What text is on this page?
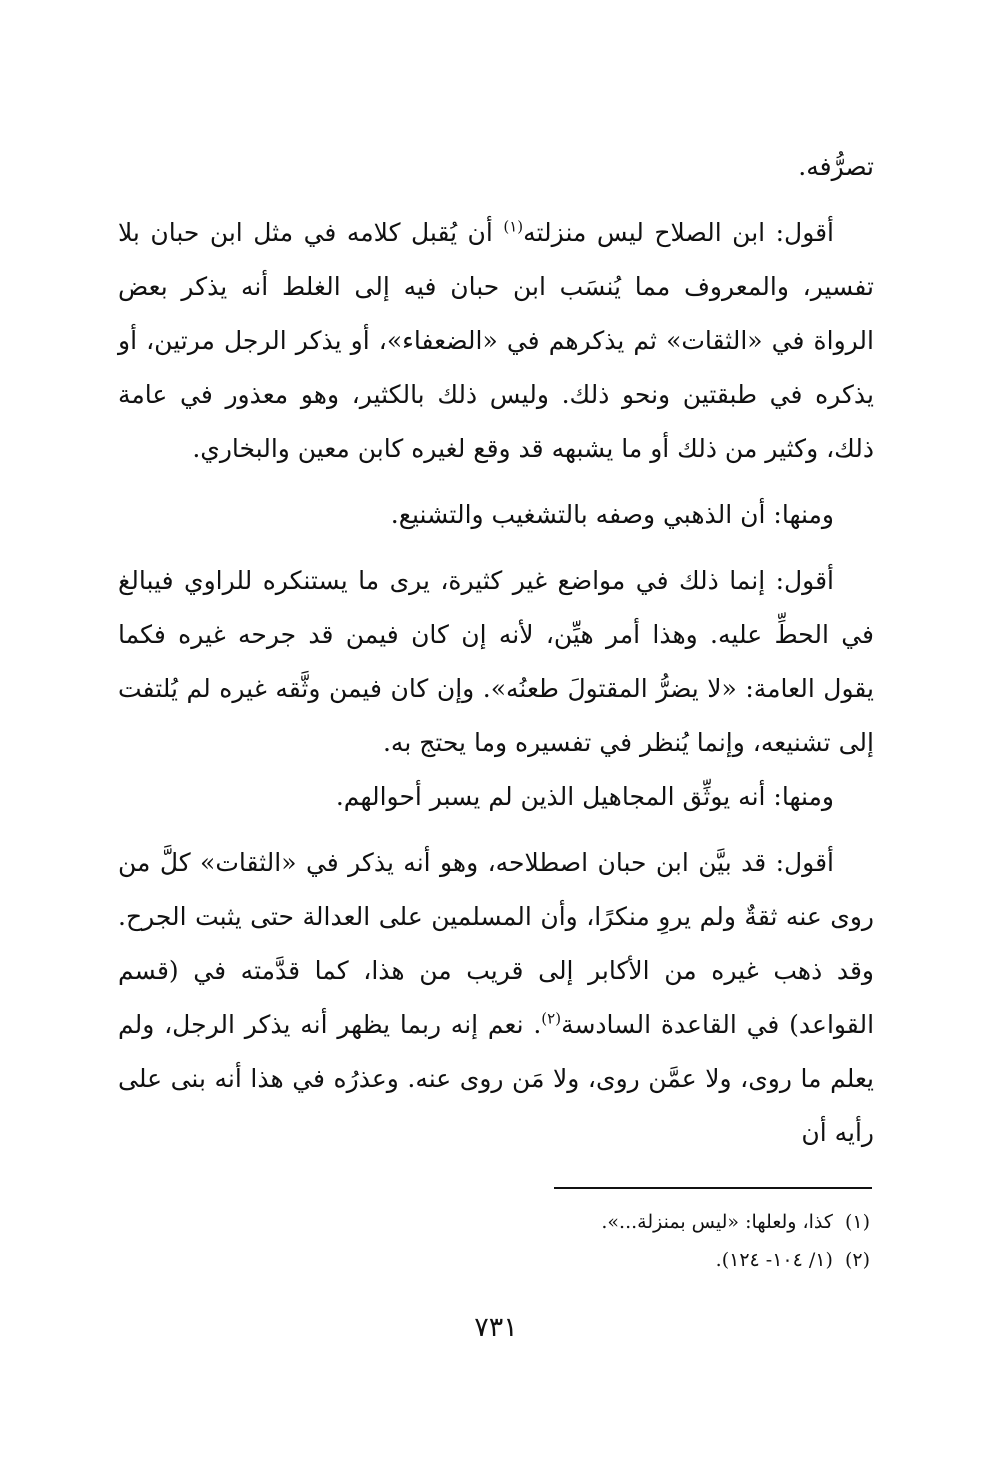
تصرُّفه.

أقول: ابن الصلاح ليس منزلته$^{(١)}$ أن يُقبل كلامه في مثل ابن حبان بلا تفسير، والمعروف مما يُنسَب ابن حبان فيه إلى الغلط أنه يذكر بعض الرواة في «الثقات» ثم يذكرهم في «الضعفاء»، أو يذكر الرجل مرتين، أو يذكره في طبقتين ونحو ذلك. وليس ذلك بالكثير، وهو معذور في عامة ذلك، وكثير من ذلك أو ما يشبهه قد وقع لغيره كابن معين والبخاري.

ومنها: أن الذهبي وصفه بالتشغيب والتشنيع.

أقول: إنما ذلك في مواضع غير كثيرة، يرى ما يستنكره للراوي فيبالغ في الحطِّ عليه. وهذا أمر هيِّن، لأنه إن كان فيمن قد جرحه غيره فكما يقول العامة: «لا يضرُّ المقتولَ طعنُه». وإن كان فيمن وثَّقه غيره لم يُلتفت إلى تشنيعه، وإنما يُنظر في تفسيره وما يحتج به.

ومنها: أنه يوثِّق المجاهيل الذين لم يسبر أحوالهم.

أقول: قد بيَّن ابن حبان اصطلاحه، وهو أنه يذكر في «الثقات» كلَّ من روى عنه ثقةٌ ولم يروِ منكرًا، وأن المسلمين على العدالة حتى يثبت الجرح. وقد ذهب غيره من الأكابر إلى قريب من هذا، كما قدَّمته في (قسم القواعد) في القاعدة السادسة$^{(٢)}$. نعم إنه ربما يظهر أنه يذكر الرجل، ولم يعلم ما روى، ولا عمَّن روى، ولا مَن روى عنه. وعذرُه في هذا أنه بنى على رأيه أن

(١)كذا، ولعلها: «ليس بمنزلة...».

(٢)(١/ ١٠٤- ١٢٤).

٧٣١
